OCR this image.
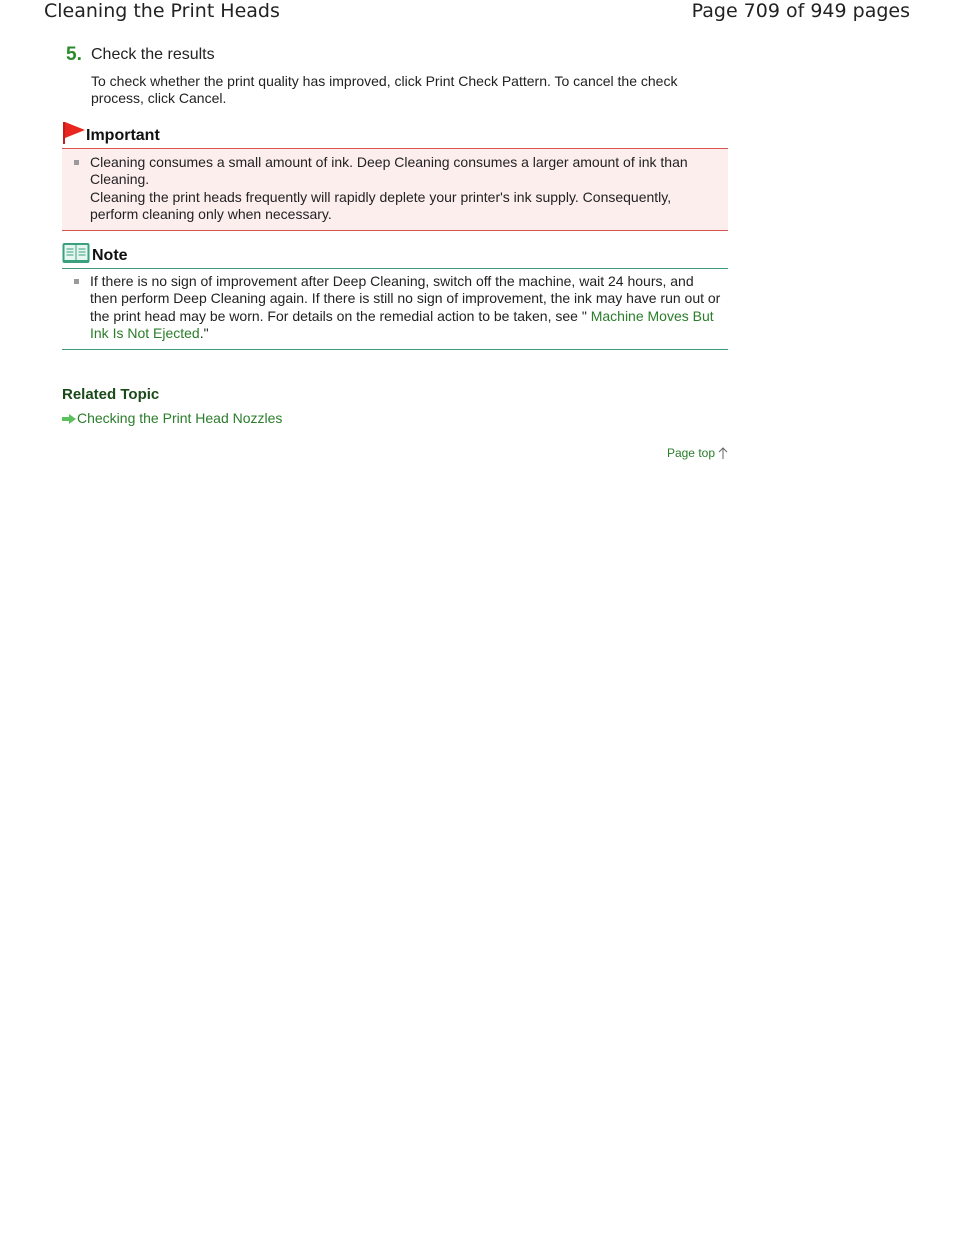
Cleaning the Print Heads	Page 709 of 949 pages
5. Check the results
To check whether the print quality has improved, click Print Check Pattern. To cancel the check process, click Cancel.
Important
Cleaning consumes a small amount of ink. Deep Cleaning consumes a larger amount of ink than Cleaning.
Cleaning the print heads frequently will rapidly deplete your printer's ink supply. Consequently, perform cleaning only when necessary.
Note
If there is no sign of improvement after Deep Cleaning, switch off the machine, wait 24 hours, and then perform Deep Cleaning again. If there is still no sign of improvement, the ink may have run out or the print head may be worn. For details on the remedial action to be taken, see " Machine Moves But Ink Is Not Ejected."
Related Topic
Checking the Print Head Nozzles
Page top
